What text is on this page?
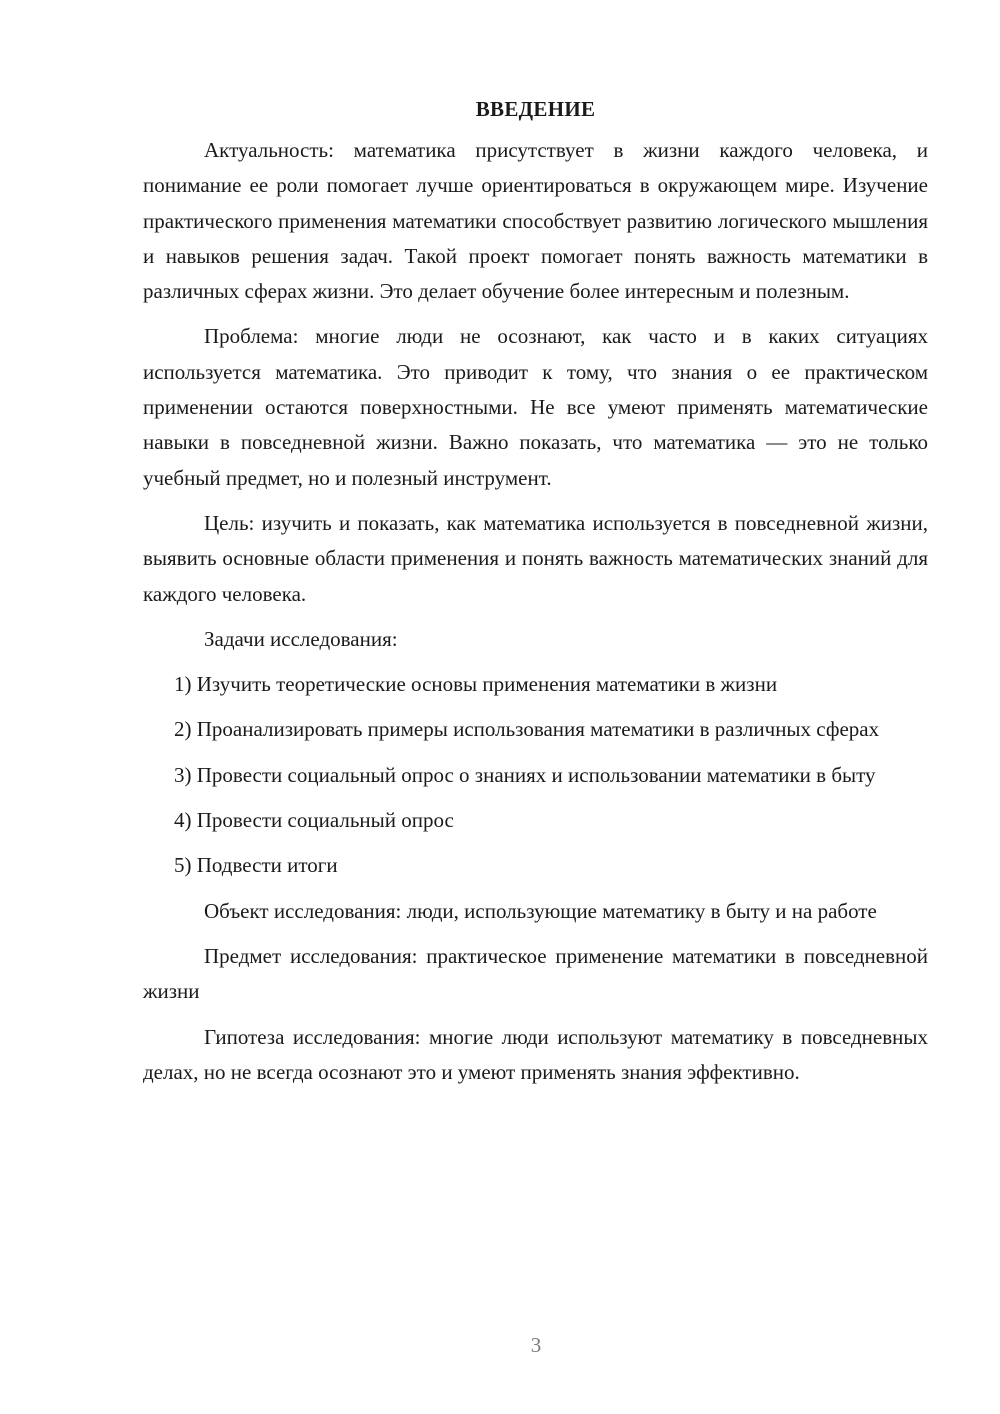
ВВЕДЕНИЕ

Актуальность: математика присутствует в жизни каждого человека, и понимание ее роли помогает лучше ориентироваться в окружающем мире. Изучение практического применения математики способствует развитию логического мышления и навыков решения задач. Такой проект помогает понять важность математики в различных сферах жизни. Это делает обучение более интересным и полезным.

Проблема: многие люди не осознают, как часто и в каких ситуациях используется математика. Это приводит к тому, что знания о ее практическом применении остаются поверхностными. Не все умеют применять математические навыки в повседневной жизни. Важно показать, что математика — это не только учебный предмет, но и полезный инструмент.

Цель: изучить и показать, как математика используется в повседневной жизни, выявить основные области применения и понять важность математических знаний для каждого человека.

Задачи исследования:

1) Изучить теоретические основы применения математики в жизни

2) Проанализировать примеры использования математики в различных сферах

3) Провести социальный опрос о знаниях и использовании математики в быту

4) Провести социальный опрос

5) Подвести итоги

Объект исследования: люди, использующие математику в быту и на работе

Предмет исследования: практическое применение математики в повседневной жизни

Гипотеза исследования: многие люди используют математику в повседневных делах, но не всегда осознают это и умеют применять знания эффективно.

3
